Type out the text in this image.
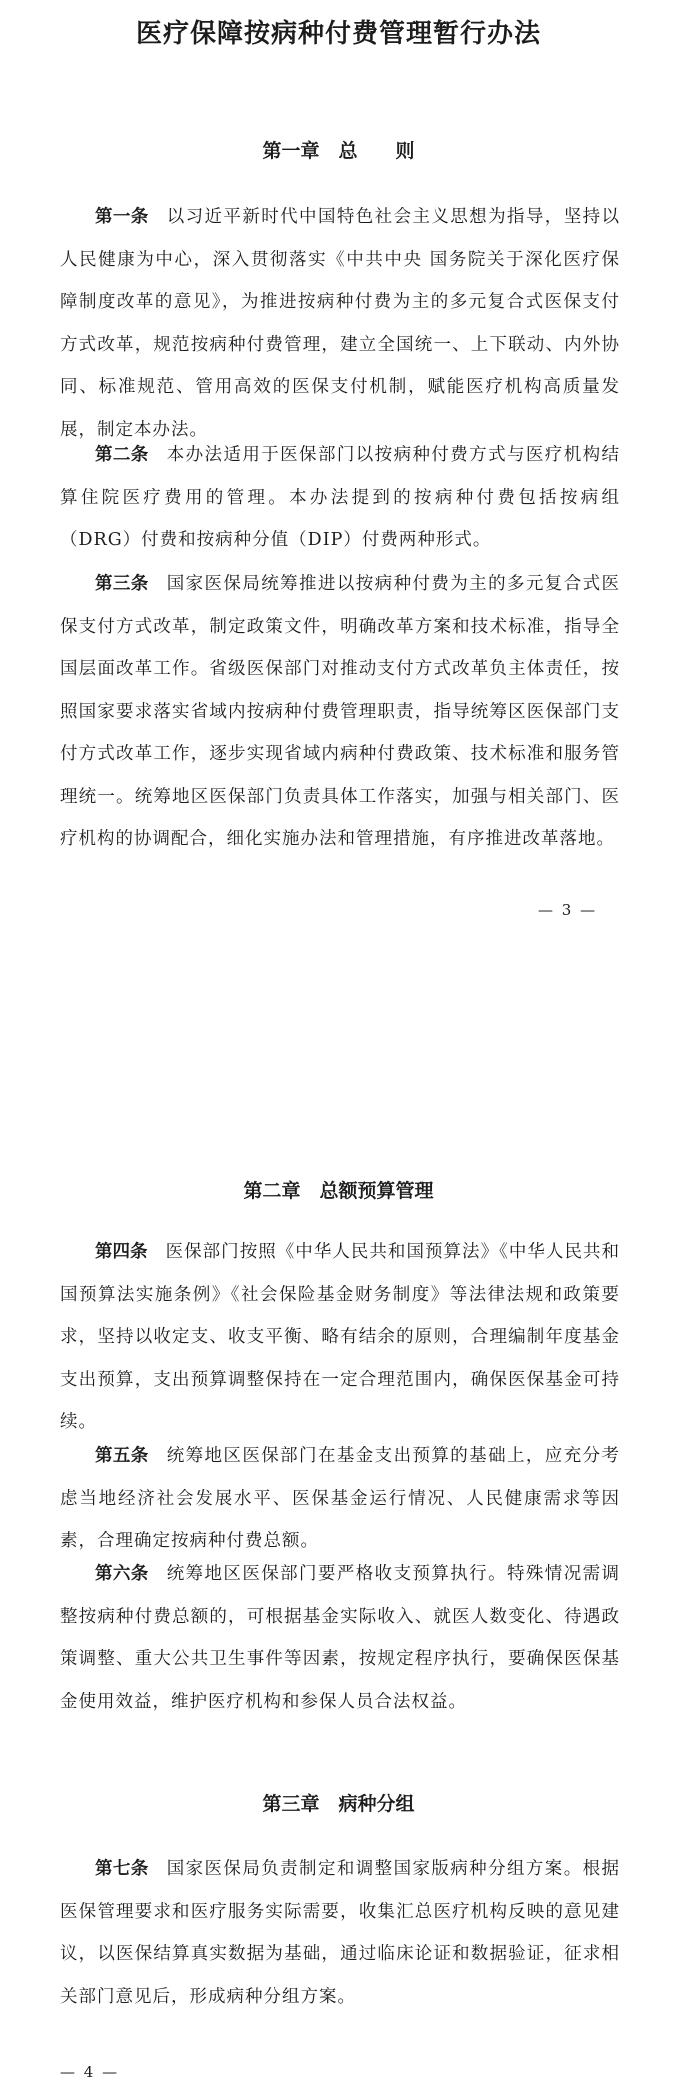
医疗保障按病种付费管理暂行办法
第一章　总　　则

第一条 以习近平新时代中国特色社会主义思想为指导，坚持以人民健康为中心，深入贯彻落实《中共中央 国务院关于深化医疗保障制度改革的意见》，为推进按病种付费为主的多元复合式医保支付方式改革，规范按病种付费管理，建立全国统一、上下联动、内外协同、标准规范、管用高效的医保支付机制，赋能医疗机构高质量发展，制定本办法。

第二条 本办法适用于医保部门以按病种付费方式与医疗机构结算住院医疗费用的管理。本办法提到的按病种付费包括按病组（DRG）付费和按病种分值（DIP）付费两种形式。

第三条 国家医保局统筹推进以按病种付费为主的多元复合式医保支付方式改革，制定政策文件，明确改革方案和技术标准，指导全国层面改革工作。省级医保部门对推动支付方式改革负主体责任，按照国家要求落实省域内按病种付费管理职责，指导统筹区医保部门支付方式改革工作，逐步实现省域内病种付费政策、技术标准和服务管理统一。统筹地区医保部门负责具体工作落实，加强与相关部门、医疗机构的协调配合，细化实施办法和管理措施，有序推进改革落地。

— 3 —
第二章　总额预算管理

第四条 医保部门按照《中华人民共和国预算法》《中华人民共和国预算法实施条例》《社会保险基金财务制度》等法律法规和政策要求，坚持以收定支、收支平衡、略有结余的原则，合理编制年度基金支出预算，支出预算调整保持在一定合理范围内，确保医保基金可持续。

第五条 统筹地区医保部门在基金支出预算的基础上，应充分考虑当地经济社会发展水平、医保基金运行情况、人民健康需求等因素，合理确定按病种付费总额。

第六条 统筹地区医保部门要严格收支预算执行。特殊情况需调整按病种付费总额的，可根据基金实际收入、就医人数变化、待遇政策调整、重大公共卫生事件等因素，按规定程序执行，要确保医保基金使用效益，维护医疗机构和参保人员合法权益。

第三章　病种分组

第七条 国家医保局负责制定和调整国家版病种分组方案。根据医保管理要求和医疗服务实际需要，收集汇总医疗机构反映的意见建议，以医保结算真实数据为基础，通过临床论证和数据验证，征求相关部门意见后，形成病种分组方案。

— 4 —
